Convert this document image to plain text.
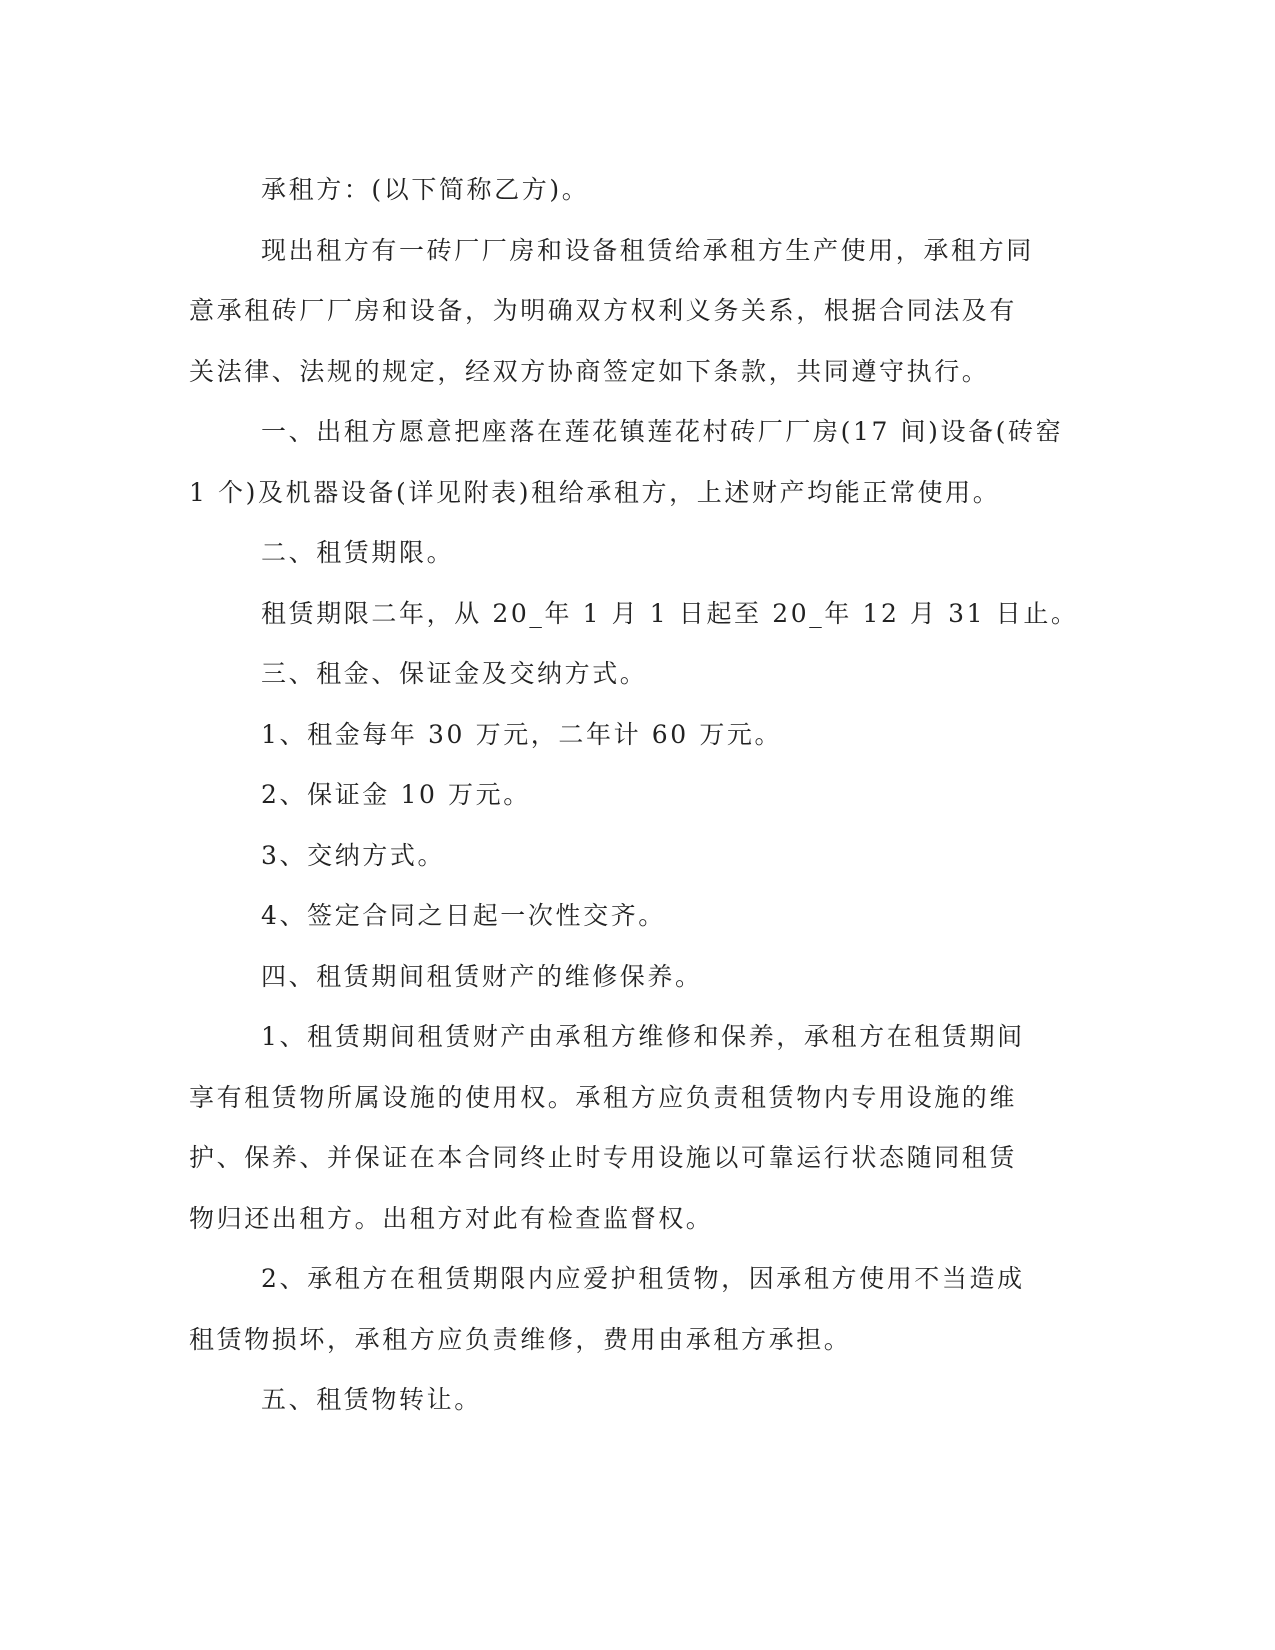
承租方：(以下简称乙方)。

现出租方有一砖厂厂房和设备租赁给承租方生产使用，承租方同

意承租砖厂厂房和设备，为明确双方权利义务关系，根据合同法及有

关法律、法规的规定，经双方协商签定如下条款，共同遵守执行。

一、出租方愿意把座落在莲花镇莲花村砖厂厂房(17 间)设备(砖窑

1 个)及机器设备(详见附表)租给承租方，上述财产均能正常使用。

二、租赁期限。

租赁期限二年，从 20_年 1 月 1 日起至 20_年 12 月 31 日止。

三、租金、保证金及交纳方式。

1、租金每年 30 万元，二年计 60 万元。

2、保证金 10 万元。

3、交纳方式。

4、签定合同之日起一次性交齐。

四、租赁期间租赁财产的维修保养。

1、租赁期间租赁财产由承租方维修和保养，承租方在租赁期间

享有租赁物所属设施的使用权。承租方应负责租赁物内专用设施的维

护、保养、并保证在本合同终止时专用设施以可靠运行状态随同租赁

物归还出租方。出租方对此有检查监督权。

2、承租方在租赁期限内应爱护租赁物，因承租方使用不当造成

租赁物损坏，承租方应负责维修，费用由承租方承担。

五、租赁物转让。
